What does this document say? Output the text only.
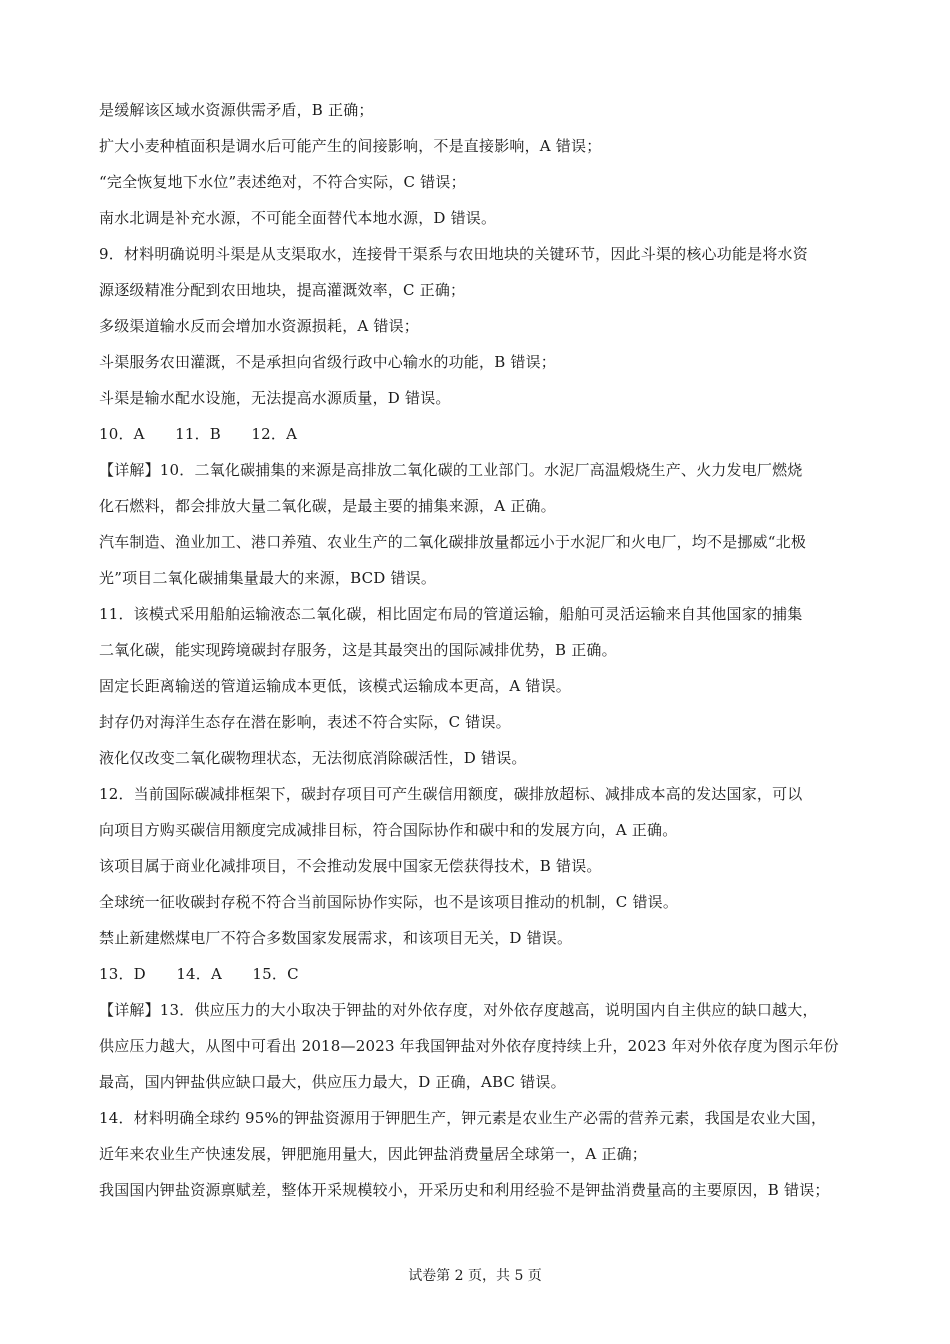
是缓解该区域水资源供需矛盾，B 正确；
扩大小麦种植面积是调水后可能产生的间接影响，不是直接影响，A 错误；
“完全恢复地下水位”表述绝对，不符合实际，C 错误；
南水北调是补充水源，不可能全面替代本地水源，D 错误。
9．材料明确说明斗渠是从支渠取水，连接骨干渠系与农田地块的关键环节，因此斗渠的核心功能是将水资
源逐级精准分配到农田地块，提高灌溉效率，C 正确；
多级渠道输水反而会增加水资源损耗，A 错误；
斗渠服务农田灌溉，不是承担向省级行政中心输水的功能，B 错误；
斗渠是输水配水设施，无法提高水源质量，D 错误。
10．A　　11．B　　12．A
【详解】10．二氧化碳捕集的来源是高排放二氧化碳的工业部门。水泥厂高温煅烧生产、火力发电厂燃烧
化石燃料，都会排放大量二氧化碳，是最主要的捕集来源，A 正确。
汽车制造、渔业加工、港口养殖、农业生产的二氧化碳排放量都远小于水泥厂和火电厂，均不是挪威“北极
光”项目二氧化碳捕集量最大的来源，BCD 错误。
11．该模式采用船舶运输液态二氧化碳，相比固定布局的管道运输，船舶可灵活运输来自其他国家的捕集
二氧化碳，能实现跨境碳封存服务，这是其最突出的国际减排优势，B 正确。
固定长距离输送的管道运输成本更低，该模式运输成本更高，A 错误。
封存仍对海洋生态存在潜在影响，表述不符合实际，C 错误。
液化仅改变二氧化碳物理状态，无法彻底消除碳活性，D 错误。
12．当前国际碳减排框架下，碳封存项目可产生碳信用额度，碳排放超标、减排成本高的发达国家，可以
向项目方购买碳信用额度完成减排目标，符合国际协作和碳中和的发展方向，A 正确。
该项目属于商业化减排项目，不会推动发展中国家无偿获得技术，B 错误。
全球统一征收碳封存税不符合当前国际协作实际，也不是该项目推动的机制，C 错误。
禁止新建燃煤电厂不符合多数国家发展需求，和该项目无关，D 错误。
13．D　　14．A　　15．C
【详解】13．供应压力的大小取决于钾盐的对外依存度，对外依存度越高，说明国内自主供应的缺口越大，
供应压力越大，从图中可看出 2018—2023 年我国钾盐对外依存度持续上升，2023 年对外依存度为图示年份
最高，国内钾盐供应缺口最大，供应压力最大，D 正确，ABC 错误。
14．材料明确全球约 95%的钾盐资源用于钾肥生产，钾元素是农业生产必需的营养元素，我国是农业大国，
近年来农业生产快速发展，钾肥施用量大，因此钾盐消费量居全球第一，A 正确；
我国国内钾盐资源禀赋差，整体开采规模较小，开采历史和利用经验不是钾盐消费量高的主要原因，B 错误；
试卷第 2 页，共 5 页
